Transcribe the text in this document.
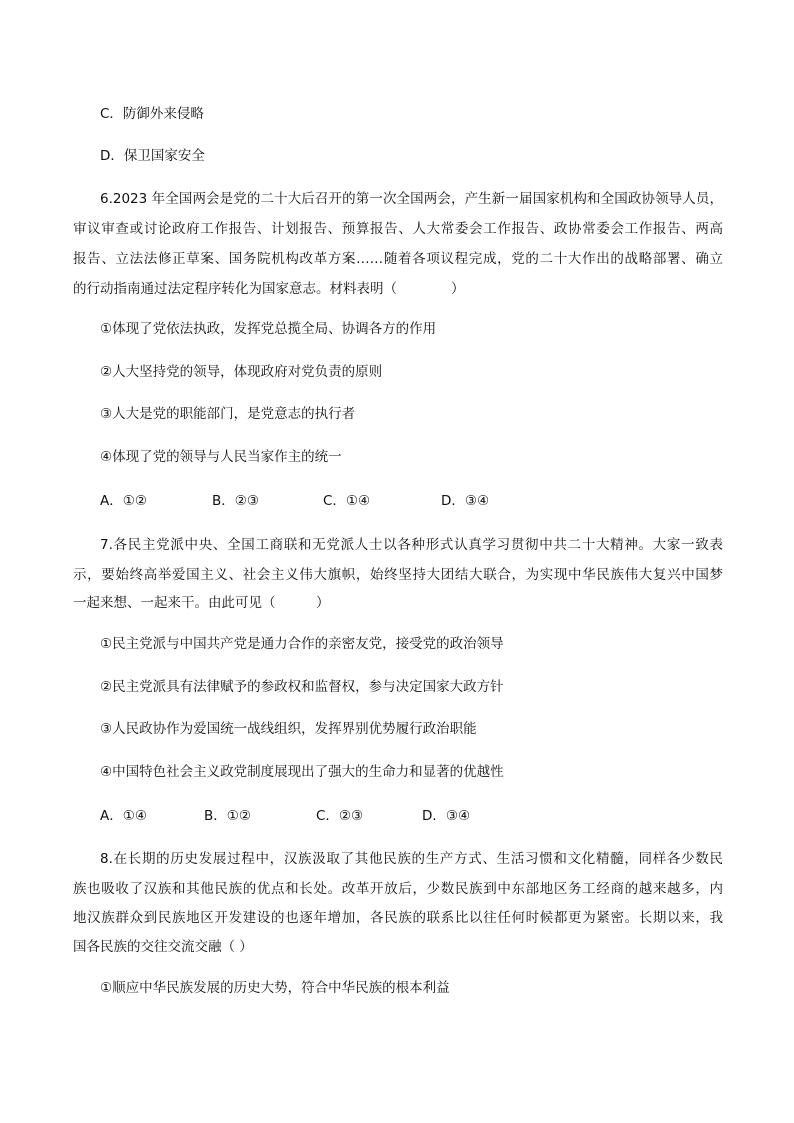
C．防御外来侵略
D．保卫国家安全
6.2023 年全国两会是党的二十大后召开的第一次全国两会，产生新一届国家机构和全国政协领导人员，
审议审查或讨论政府工作报告、计划报告、预算报告、人大常委会工作报告、政协常委会工作报告、两高
报告、立法法修正草案、国务院机构改革方案……随着各项议程完成，党的二十大作出的战略部署、确立
的行动指南通过法定程序转化为国家意志。材料表明（　　　　）
①体现了党依法执政，发挥党总揽全局、协调各方的作用
②人大坚持党的领导，体现政府对党负责的原则
③人大是党的职能部门，是党意志的执行者
④体现了党的领导与人民当家作主的统一
A．①②	B．②③	C．①④	D．③④
7.各民主党派中央、全国工商联和无党派人士以各种形式认真学习贯彻中共二十大精神。大家一致表
示，要始终高举爱国主义、社会主义伟大旗帜，始终坚持大团结大联合，为实现中华民族伟大复兴中国梦
一起来想、一起来干。由此可见（　　　）
①民主党派与中国共产党是通力合作的亲密友党，接受党的政治领导
②民主党派具有法律赋予的参政权和监督权，参与决定国家大政方针
③人民政协作为爱国统一战线组织，发挥界别优势履行政治职能
④中国特色社会主义政党制度展现出了强大的生命力和显著的优越性
A．①④	B．①②	C．②③	D．③④
8.在长期的历史发展过程中，汉族汲取了其他民族的生产方式、生活习惯和文化精髓，同样各少数民
族也吸收了汉族和其他民族的优点和长处。改革开放后，少数民族到中东部地区务工经商的越来越多，内
地汉族群众到民族地区开发建设的也逐年增加，各民族的联系比以往任何时候都更为紧密。长期以来，我
国各民族的交往交流交融（ ）
①顺应中华民族发展的历史大势，符合中华民族的根本利益
